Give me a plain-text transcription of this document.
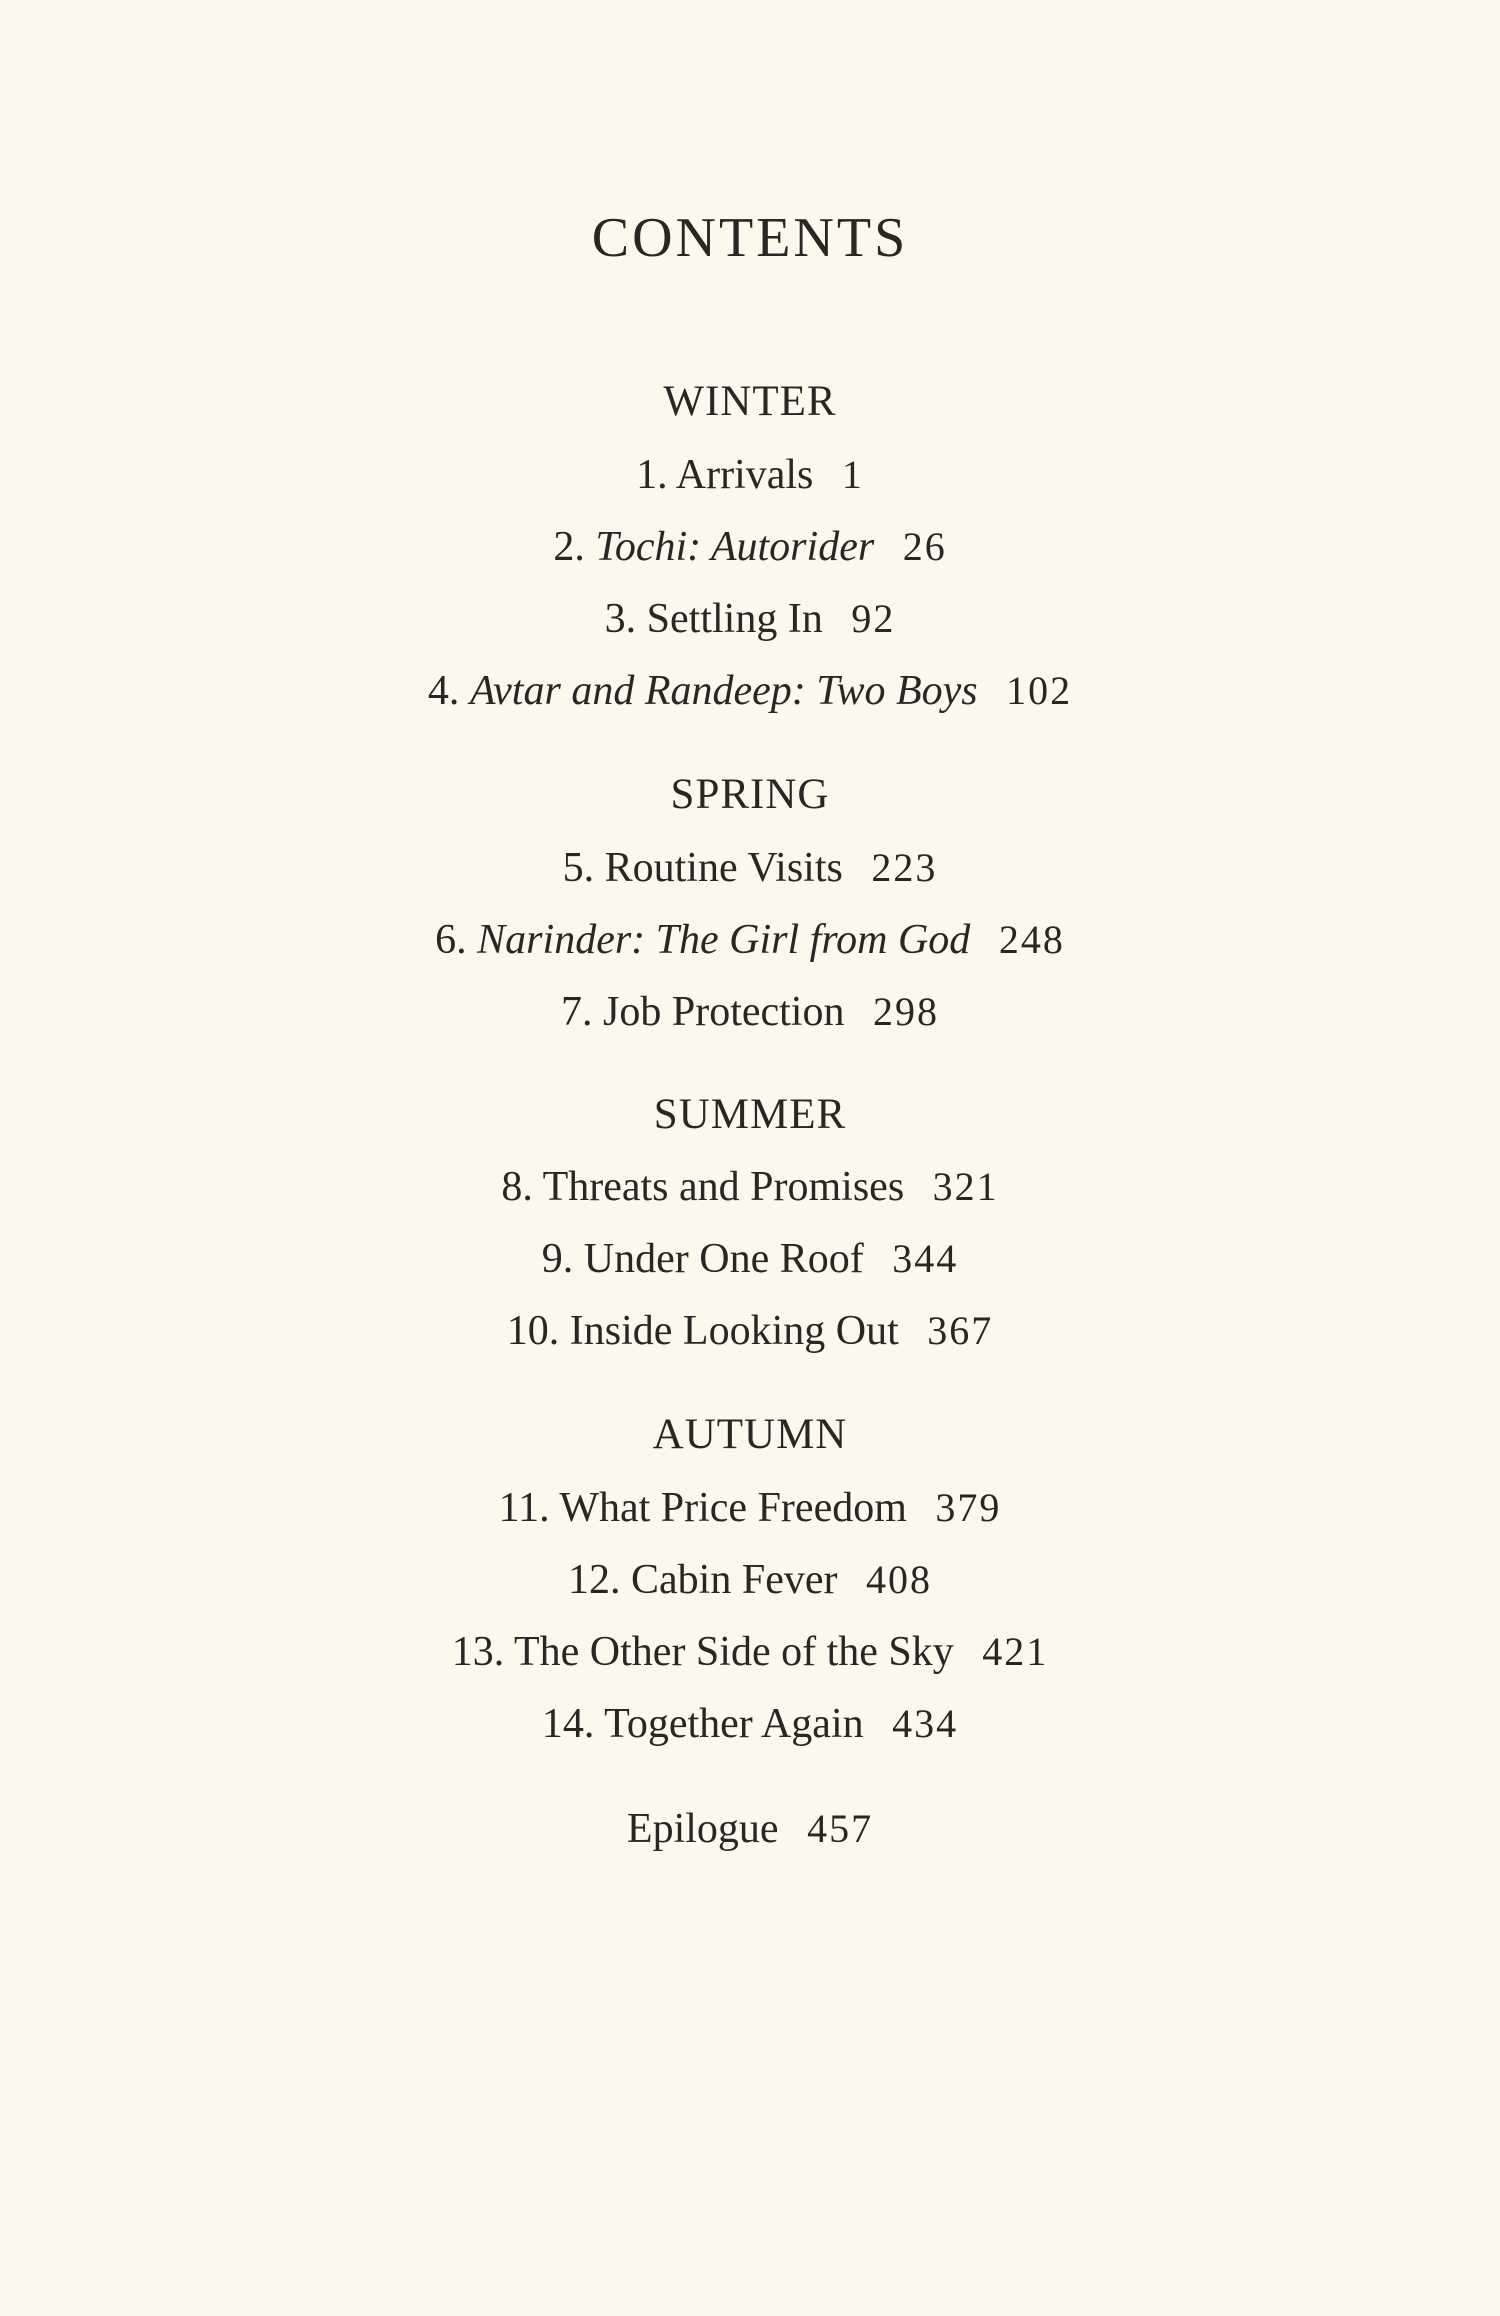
CONTENTS
WINTER
1. Arrivals 1
2. Tochi: Autorider 26
3. Settling In 92
4. Avtar and Randeep: Two Boys 102
SPRING
5. Routine Visits 223
6. Narinder: The Girl from God 248
7. Job Protection 298
SUMMER
8. Threats and Promises 321
9. Under One Roof 344
10. Inside Looking Out 367
AUTUMN
11. What Price Freedom 379
12. Cabin Fever 408
13. The Other Side of the Sky 421
14. Together Again 434
Epilogue 457
